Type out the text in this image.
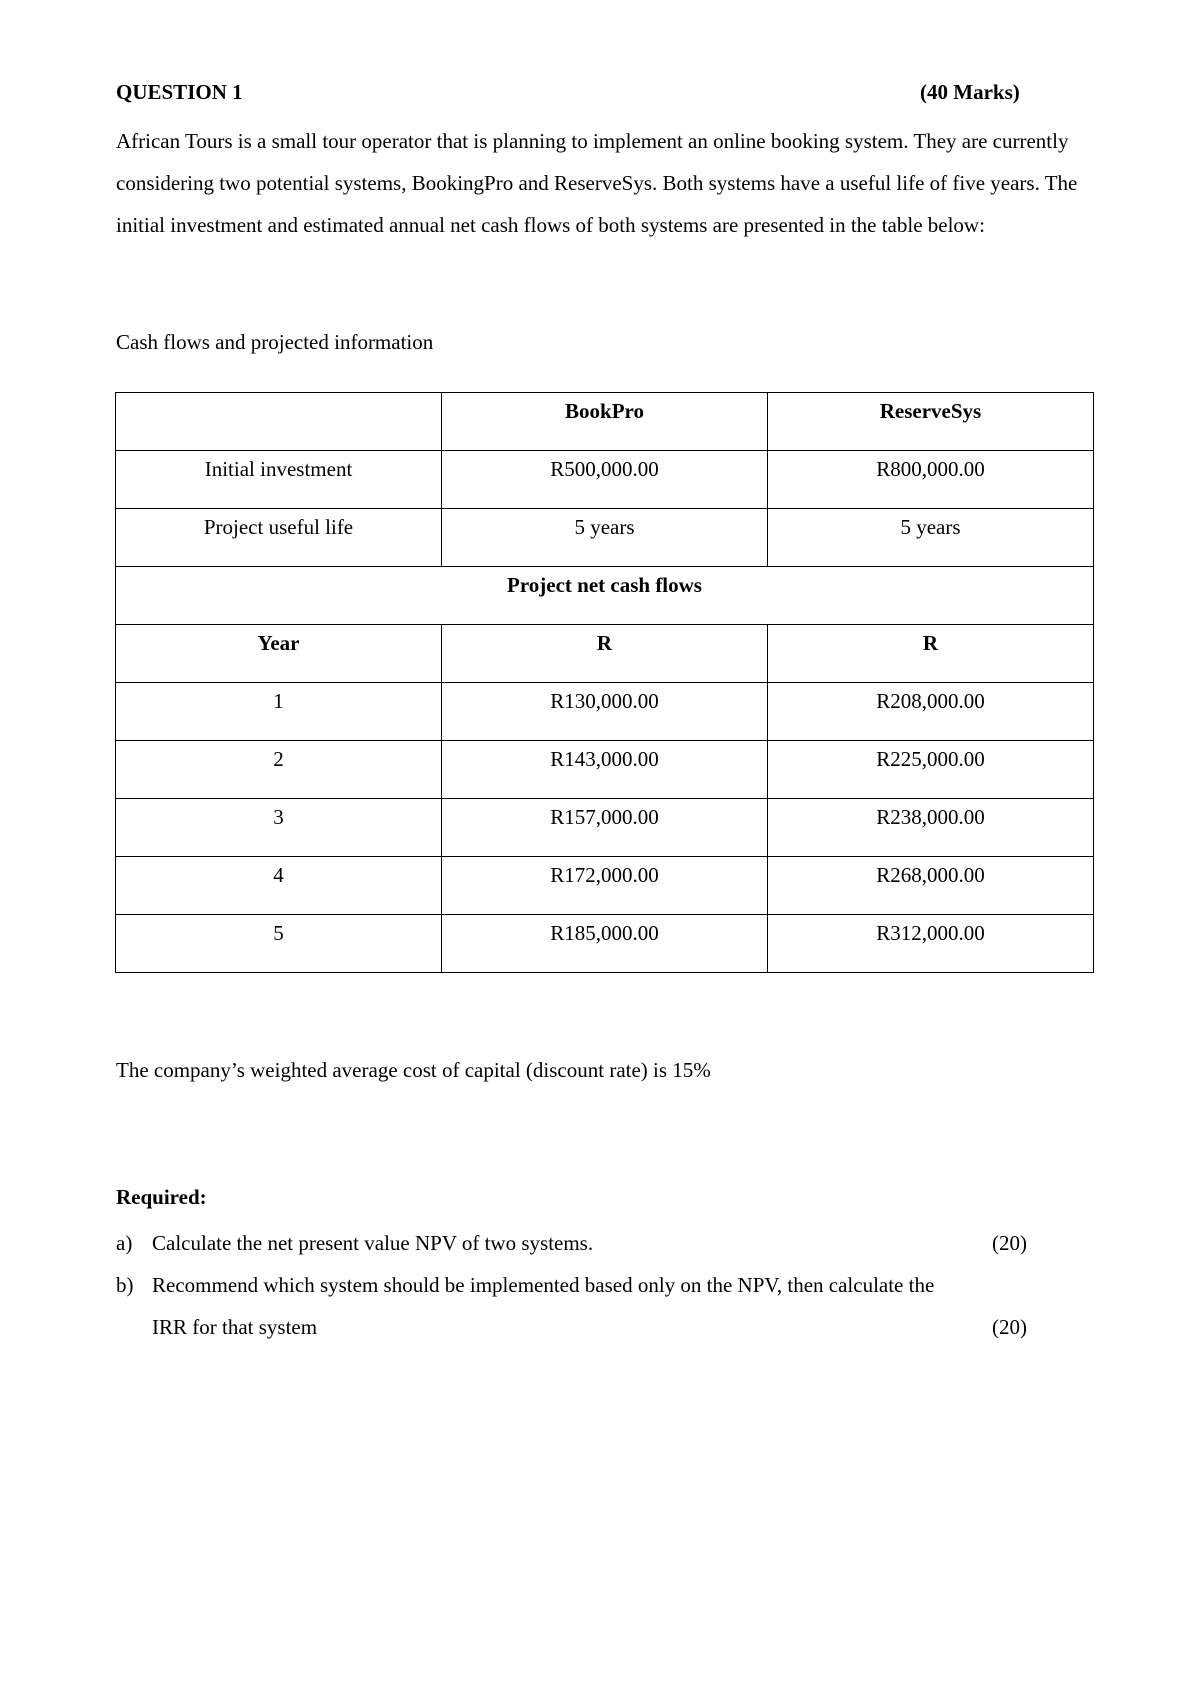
QUESTION 1	(40 Marks)

African Tours is a small tour operator that is planning to implement an online booking system. They are currently considering two potential systems, BookingPro and ReserveSys. Both systems have a useful life of five years. The initial investment and estimated annual net cash flows of both systems are presented in the table below:

Cash flows and projected information

	BookPro	ReserveSys
Initial investment	R500,000.00	R800,000.00
Project useful life	5 years	5 years
Project net cash flows		
Year	R	R
1	R130,000.00	R208,000.00
2	R143,000.00	R225,000.00
3	R157,000.00	R238,000.00
4	R172,000.00	R268,000.00
5	R185,000.00	R312,000.00

The company’s weighted average cost of capital (discount rate) is 15%

Required:

a) Calculate the net present value NPV of two systems.	(20)
b) Recommend which system should be implemented based only on the NPV, then calculate the
IRR for that system	(20)
